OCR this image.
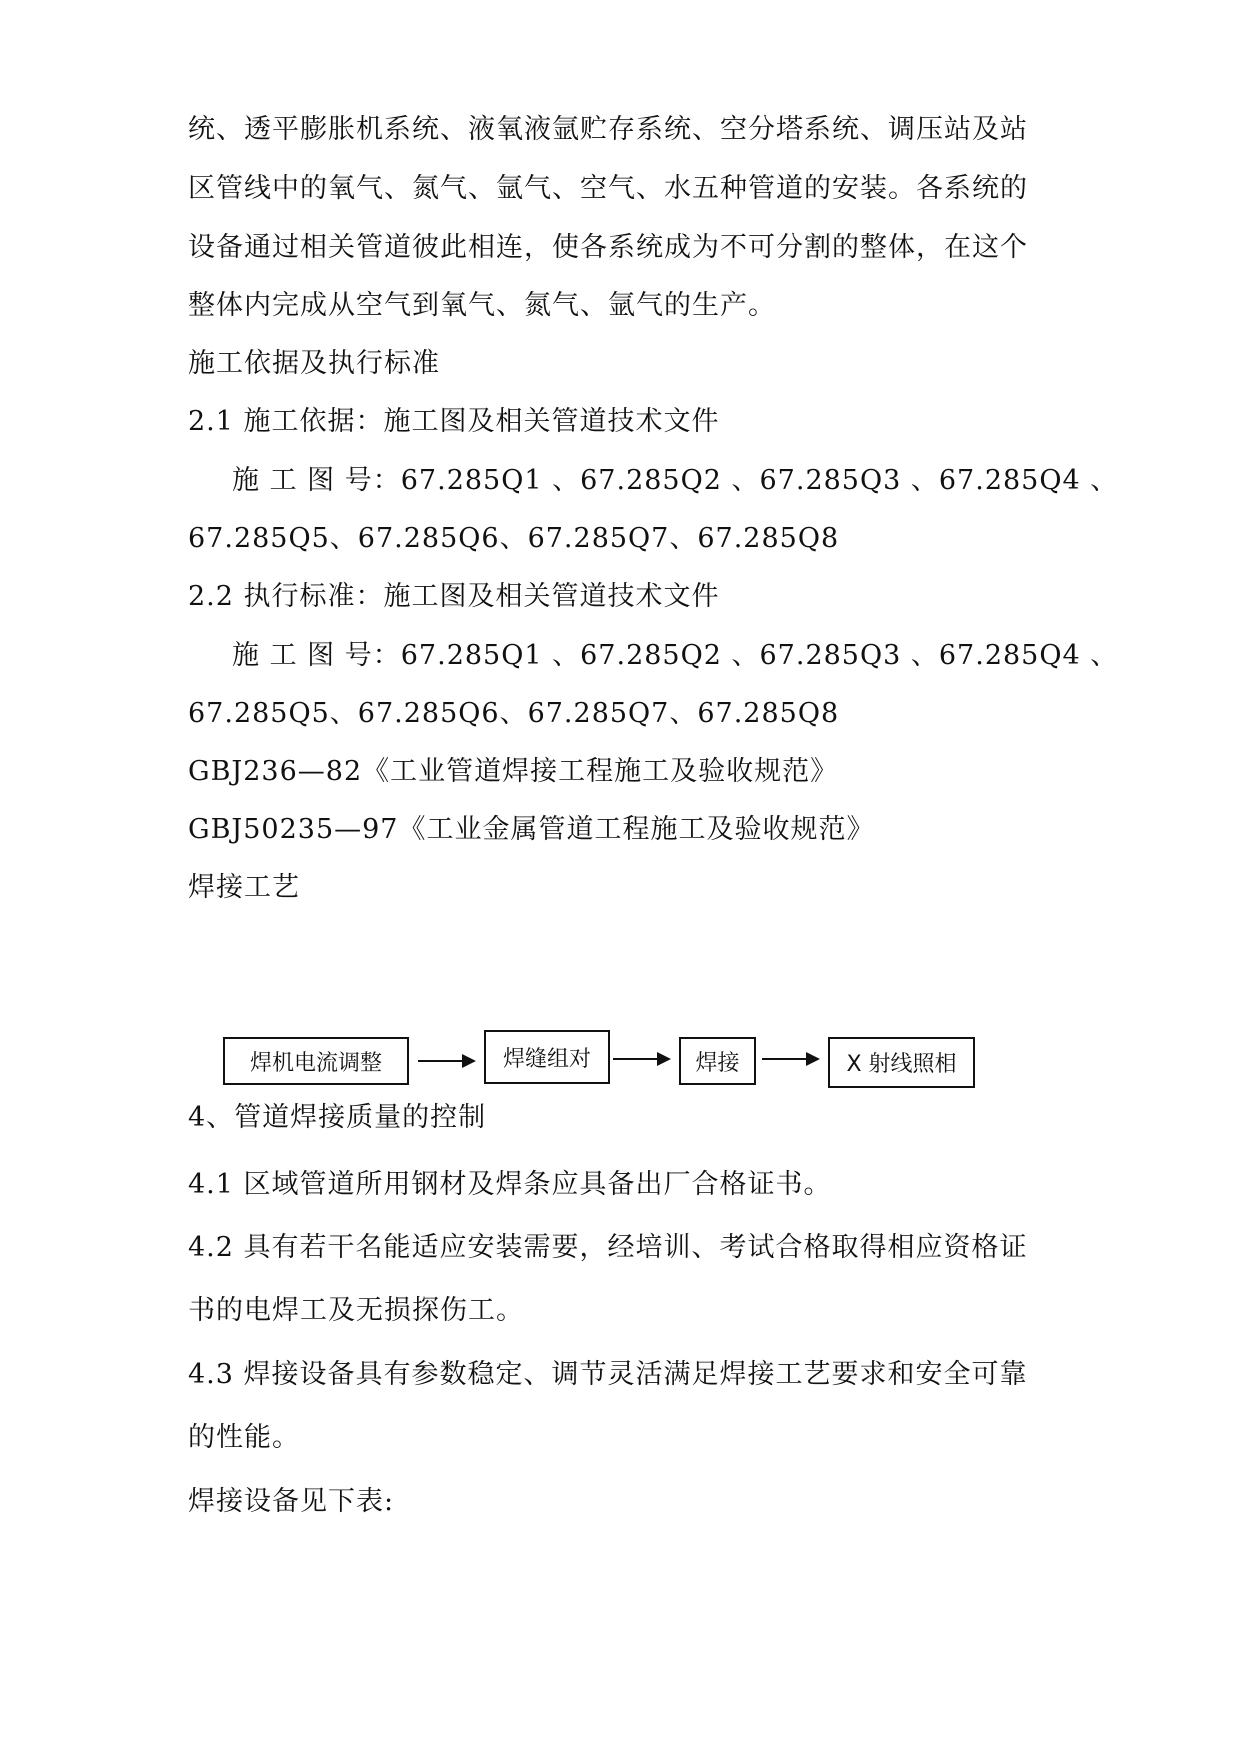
统、透平膨胀机系统、液氧液氩贮存系统、空分塔系统、调压站及站
区管线中的氧气、氮气、氩气、空气、水五种管道的安装。各系统的
设备通过相关管道彼此相连，使各系统成为不可分割的整体，在这个
整体内完成从空气到氧气、氮气、氩气的生产。
施工依据及执行标准
2.1 施工依据：施工图及相关管道技术文件
施 工 图 号： 67.285Q1 、 67.285Q2 、 67.285Q3 、 67.285Q4 、
67.285Q5、67.285Q6、67.285Q7、67.285Q8
2.2 执行标准：施工图及相关管道技术文件
施 工 图 号： 67.285Q1 、 67.285Q2 、 67.285Q3 、 67.285Q4 、
67.285Q5、67.285Q6、67.285Q7、67.285Q8
GBJ236—82《工业管道焊接工程施工及验收规范》
GBJ50235—97《工业金属管道工程施工及验收规范》
焊接工艺
焊机电流调整	焊缝组对	焊接	X 射线照相
4、管道焊接质量的控制
4.1 区域管道所用钢材及焊条应具备出厂合格证书。
4.2 具有若干名能适应安装需要，经培训、考试合格取得相应资格证
书的电焊工及无损探伤工。
4.3 焊接设备具有参数稳定、调节灵活满足焊接工艺要求和安全可靠
的性能。
焊接设备见下表:
